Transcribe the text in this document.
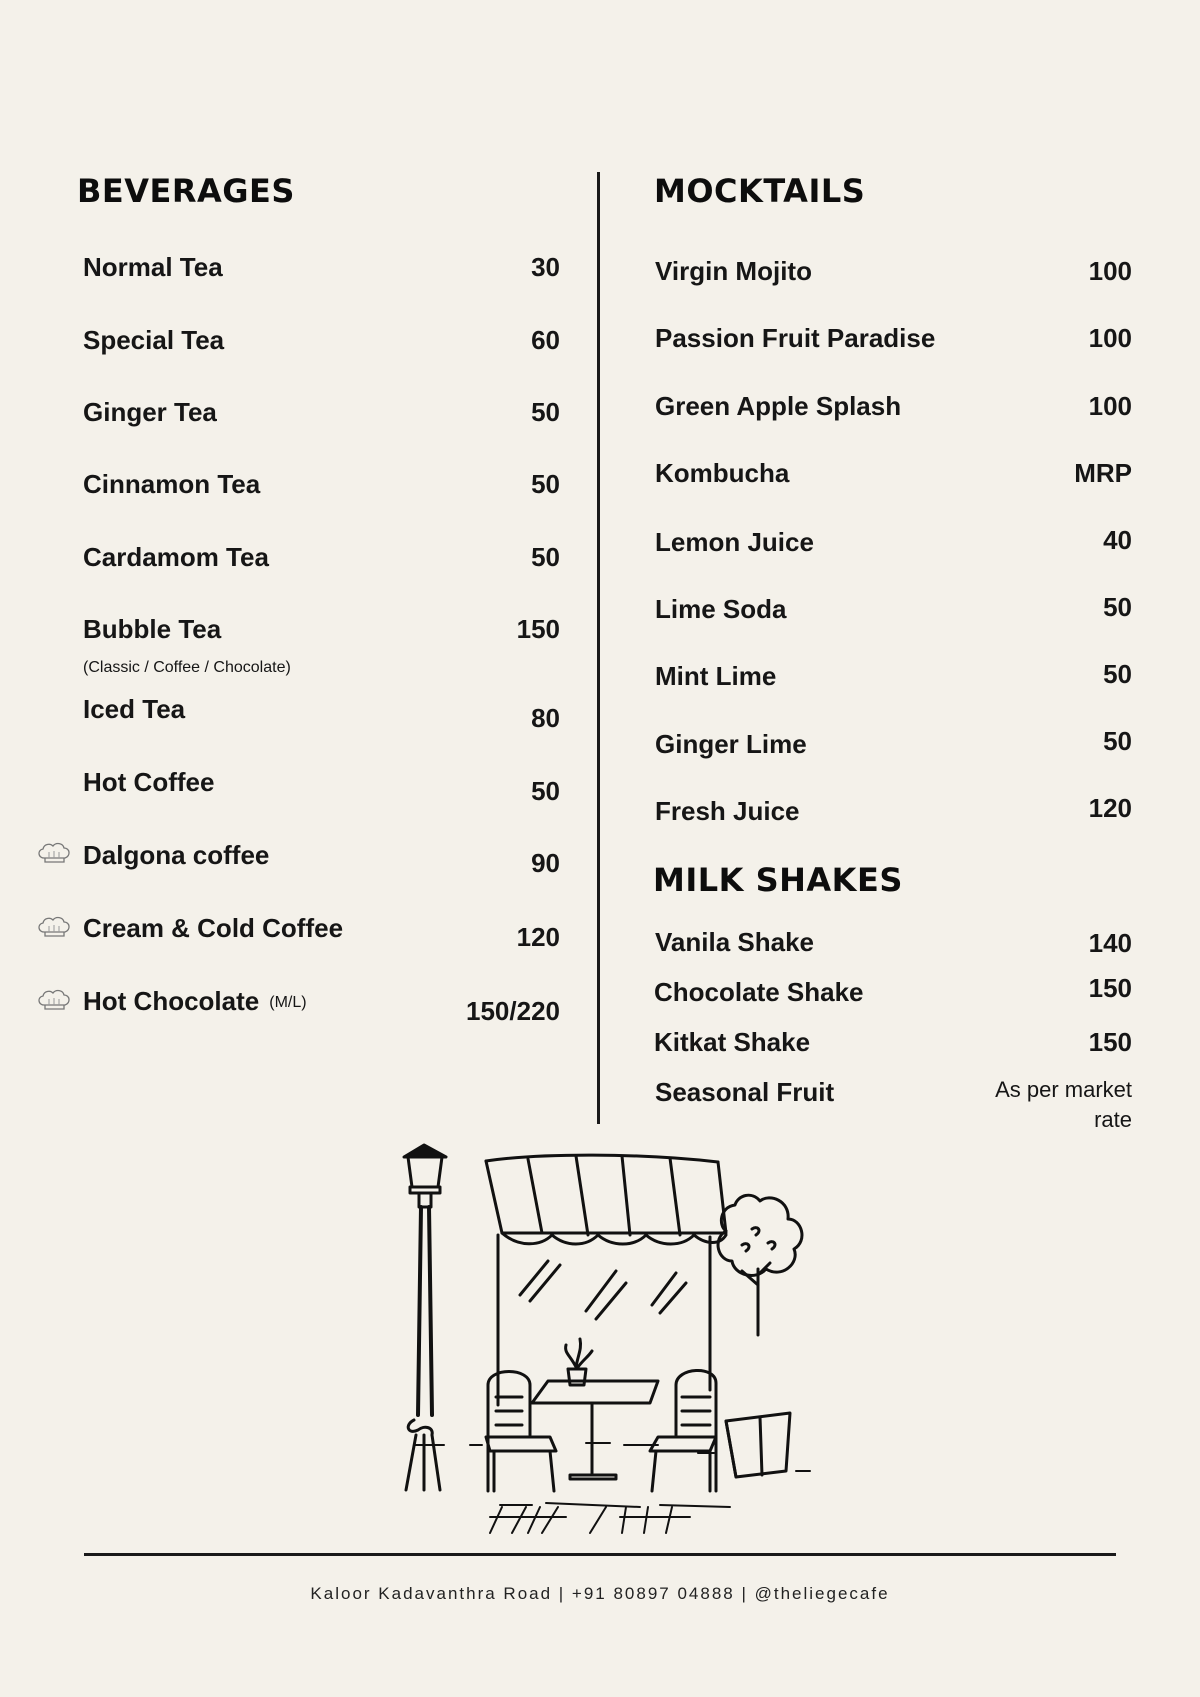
BEVERAGES
Normal Tea	30
Special Tea	60
Ginger Tea	50
Cinnamon Tea	50
Cardamom Tea	50
Bubble Tea	150
(Classic / Coffee / Chocolate)
Iced Tea	80
Hot Coffee	50
Dalgona coffee	90
Cream & Cold Coffee	120
Hot Chocolate (M/L)	150/220
MOCKTAILS
Virgin Mojito	100
Passion Fruit Paradise	100
Green Apple Splash	100
Kombucha	MRP
Lemon Juice	40
Lime Soda	50
Mint Lime	50
Ginger Lime	50
Fresh Juice	120
MILK SHAKES
Vanila Shake	140
Chocolate Shake	150
Kitkat Shake	150
Seasonal Fruit	As per market
rate
Kaloor Kadavanthra Road | +91 80897 04888 | @theliegecafe
